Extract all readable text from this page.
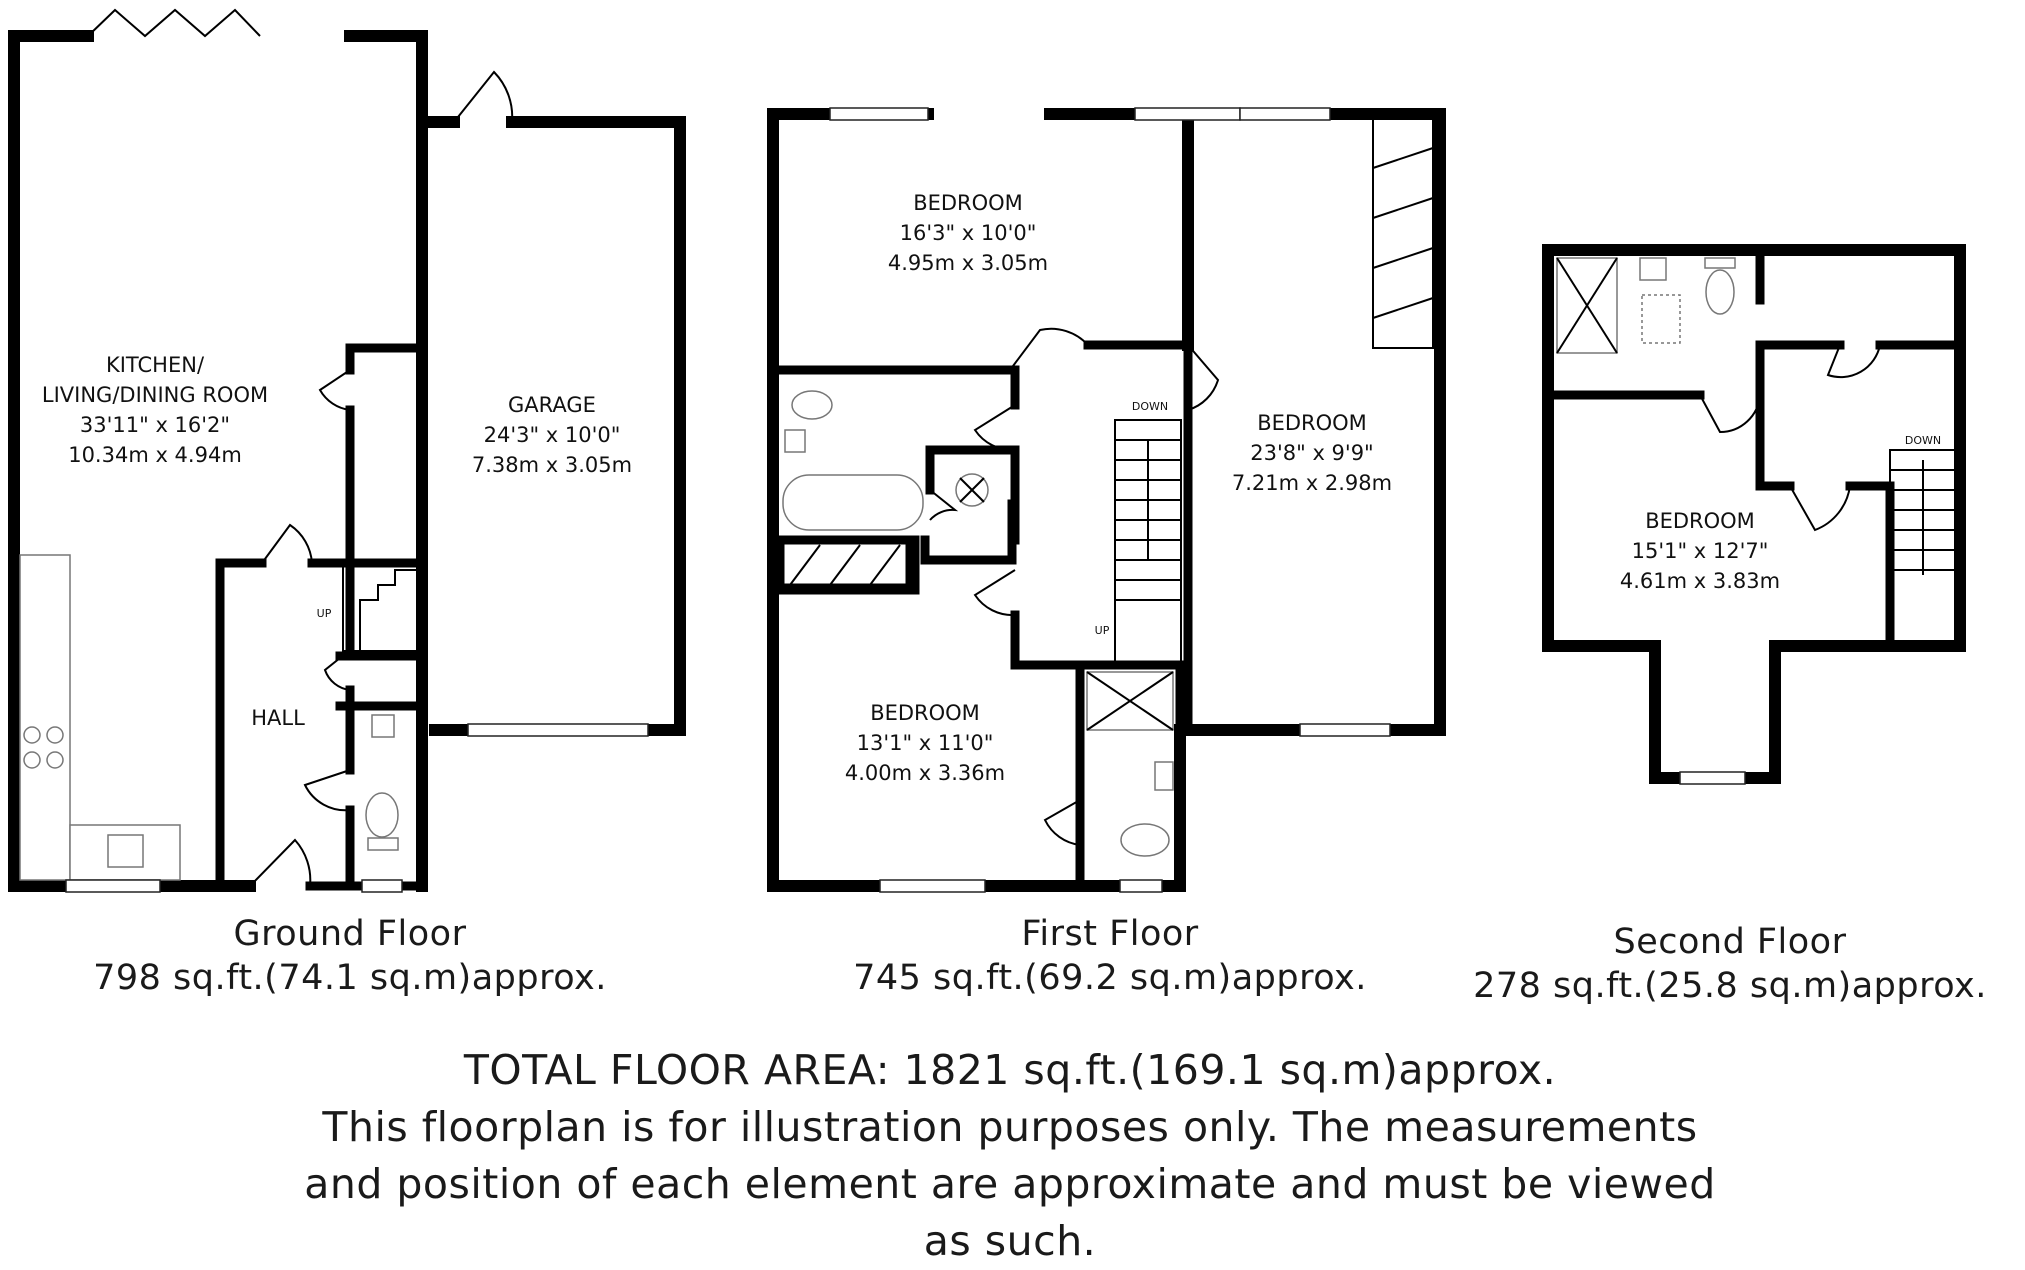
KITCHEN/
LIVING/DINING ROOM
33'11" x 16'2"
10.34m x 4.94m
GARAGE
24'3" x 10'0"
7.38m x 3.05m
HALL
UP
BEDROOM
16'3" x 10'0"
4.95m x 3.05m
BEDROOM
23'8" x 9'9"
7.21m x 2.98m
BEDROOM
13'1" x 11'0"
4.00m x 3.36m
DOWN
UP
BEDROOM
15'1" x 12'7"
4.61m x 3.83m
DOWN
Ground Floor
798 sq.ft.(74.1 sq.m)approx.
First Floor
745 sq.ft.(69.2 sq.m)approx.
Second Floor
278 sq.ft.(25.8 sq.m)approx.
TOTAL FLOOR AREA: 1821 sq.ft.(169.1 sq.m)approx.
This floorplan is for illustration purposes only. The measurements
and position of each element are approximate and must be viewed
as such.
